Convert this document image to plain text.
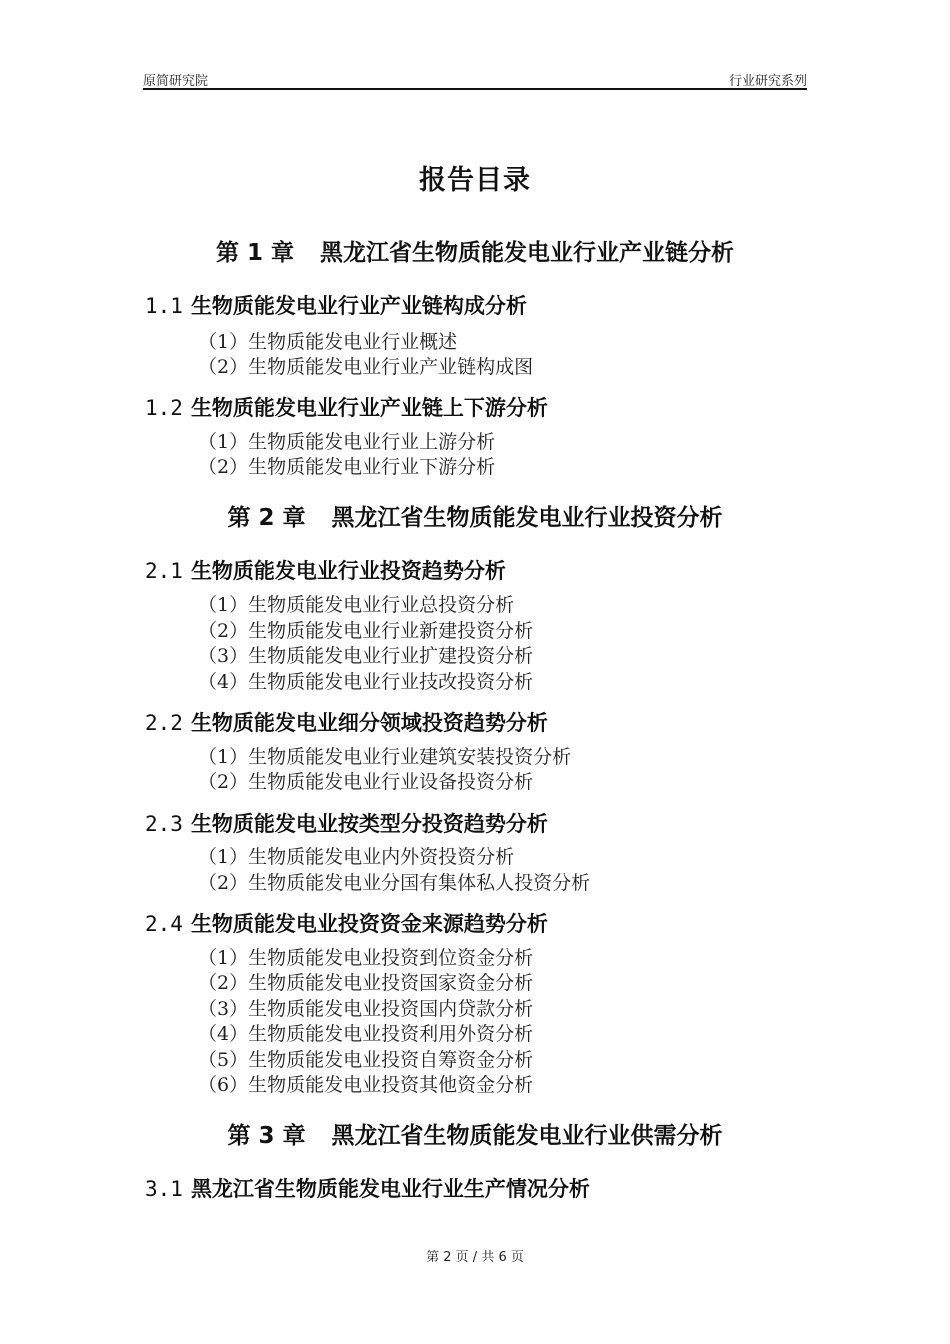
原简研究院	行业研究系列
报告目录
第 1 章 黑龙江省生物质能发电业行业产业链分析
1.1 生物质能发电业行业产业链构成分析
（1）生物质能发电业行业概述
（2）生物质能发电业行业产业链构成图
1.2 生物质能发电业行业产业链上下游分析
（1）生物质能发电业行业上游分析
（2）生物质能发电业行业下游分析
第 2 章 黑龙江省生物质能发电业行业投资分析
2.1 生物质能发电业行业投资趋势分析
（1）生物质能发电业行业总投资分析
（2）生物质能发电业行业新建投资分析
（3）生物质能发电业行业扩建投资分析
（4）生物质能发电业行业技改投资分析
2.2 生物质能发电业细分领域投资趋势分析
（1）生物质能发电业行业建筑安装投资分析
（2）生物质能发电业行业设备投资分析
2.3 生物质能发电业按类型分投资趋势分析
（1）生物质能发电业内外资投资分析
（2）生物质能发电业分国有集体私人投资分析
2.4 生物质能发电业投资资金来源趋势分析
（1）生物质能发电业投资到位资金分析
（2）生物质能发电业投资国家资金分析
（3）生物质能发电业投资国内贷款分析
（4）生物质能发电业投资利用外资分析
（5）生物质能发电业投资自筹资金分析
（6）生物质能发电业投资其他资金分析
第 3 章 黑龙江省生物质能发电业行业供需分析
3.1 黑龙江省生物质能发电业行业生产情况分析
第 2 页 / 共 6 页
